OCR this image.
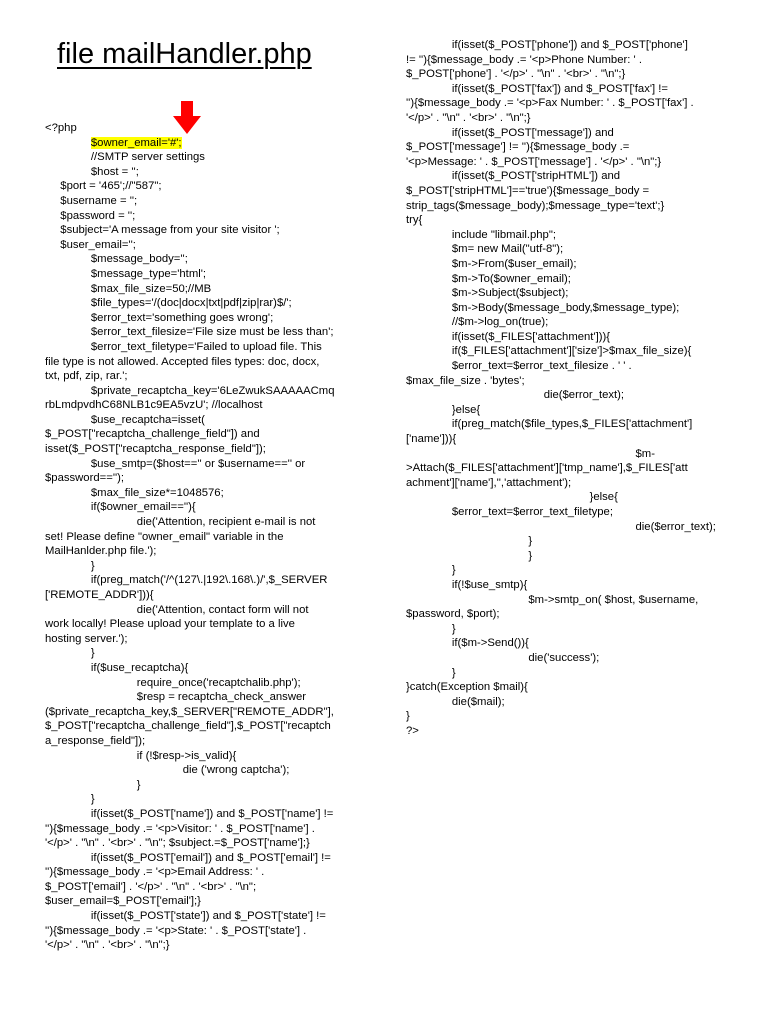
file mailHandler.php
<?php
$owner_email='#';
//SMTP server settings
$host = '';
$port = '465';//"587";
$username = '';
$password = '';
$subject='A message from your site visitor ';
$user_email='';
$message_body='';
$message_type='html';
$max_file_size=50;//MB
$file_types='/(doc|docx|txt|pdf|zip|rar)$/';
$error_text='something goes wrong';
$error_text_filesize='File size must be less than';
$error_text_filetype='Failed to upload file. This
file type is not allowed. Accepted files types: doc, docx,
txt, pdf, zip, rar.';
$private_recaptcha_key='6LeZwukSAAAAACmq
rbLmdpvdhC68NLB1c9EA5vzU'; //localhost
$use_recaptcha=isset(
$_POST["recaptcha_challenge_field"]) and
isset($_POST["recaptcha_response_field"]);
$use_smtp=($host=='' or $username=='' or
$password=='');
$max_file_size*=1048576;
if($owner_email==''){
die('Attention, recipient e-mail is not
set! Please define "owner_email" variable in the
MailHanlder.php file.');
}
if(preg_match('/^(127\.|192\.168\.)/',$_SERVER
['REMOTE_ADDR'])){
die('Attention, contact form will not
work locally! Please upload your template to a live
hosting server.');
}
if($use_recaptcha){
require_once('recaptchalib.php');
$resp = recaptcha_check_answer
($private_recaptcha_key,$_SERVER["REMOTE_ADDR"],
$_POST["recaptcha_challenge_field"],$_POST["recaptch
a_response_field"]);
if (!$resp->is_valid){
die ('wrong captcha');
}
}
if(isset($_POST['name']) and $_POST['name'] !=
''){$message_body .= '<p>Visitor: ' . $_POST['name'] .
'</p>' . "\n" . '<br>' . "\n"; $subject.=$_POST['name'];}
if(isset($_POST['email']) and $_POST['email'] !=
''){$message_body .= '<p>Email Address: ' .
$_POST['email'] . '</p>' . "\n" . '<br>' . "\n";
$user_email=$_POST['email'];}
if(isset($_POST['state']) and $_POST['state'] !=
''){$message_body .= '<p>State: ' . $_POST['state'] .
'</p>' . "\n" . '<br>' . "\n";}
if(isset($_POST['phone']) and $_POST['phone']
!= ''){$message_body .= '<p>Phone Number: ' .
$_POST['phone'] . '</p>' . "\n" . '<br>' . "\n";}
if(isset($_POST['fax']) and $_POST['fax'] !=
''){$message_body .= '<p>Fax Number: ' . $_POST['fax'] .
'</p>' . "\n" . '<br>' . "\n";}
if(isset($_POST['message']) and
$_POST['message'] != ''){$message_body .=
'<p>Message: ' . $_POST['message'] . '</p>' . "\n";}
if(isset($_POST['stripHTML']) and
$_POST['stripHTML']=='true'){$message_body =
strip_tags($message_body);$message_type='text';}
try{
include "libmail.php";
$m= new Mail("utf-8");
$m->From($user_email);
$m->To($owner_email);
$m->Subject($subject);
$m->Body($message_body,$message_type);
//$m->log_on(true);
if(isset($_FILES['attachment'])){
if($_FILES['attachment']['size']>$max_file_size){
$error_text=$error_text_filesize . ' ' .
$max_file_size . 'bytes';
die($error_text);
}else{
if(preg_match($file_types,$_FILES['attachment']
['name'])){
$m-
>Attach($_FILES['attachment']['tmp_name'],$_FILES['att
achment']['name'],'','attachment');
}else{
$error_text=$error_text_filetype;
die($error_text);
}
}
}
if(!$use_smtp){
$m->smtp_on( $host, $username,
$password, $port);
}
if($m->Send()){
die('success');
}
}catch(Exception $mail){
die($mail);
}
?>
